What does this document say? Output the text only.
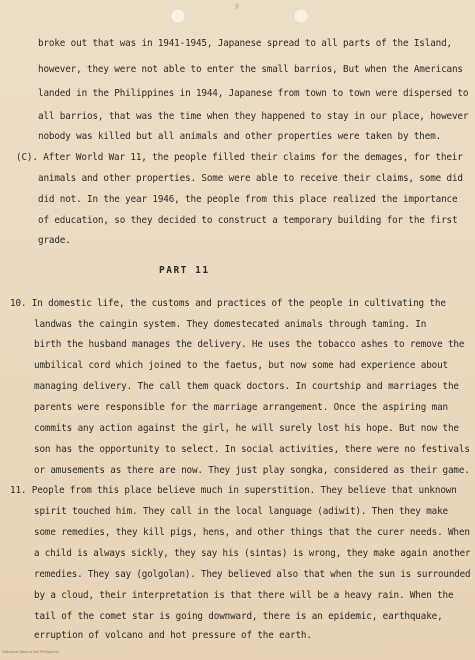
broke out that was in 1941-1945, Japanese spread to all parts of the Island,
however, they were not able to enter the small barrios, But when the Americans
landed in the Philippines in 1944, Japanese from town to town were dispersed to
all barrios, that was the time when they happened to stay in our place, however
nobody was killed but all animals and other properties were taken by them.
(C). After World War 11, the people filled their claims for the demages, for their
animals and other properties. Some were able to receive their claims, some did
did not. In the year 1946, the people from this place realized the importance
of education, so they decided to construct a temporary building for the first
grade.
PART 11
10. In domestic life, the customs and practices of the people in cultivating the
landwas the caingin system. They domestecated animals through taming. In
birth the husband manages the delivery. He uses the tobacco ashes to remove the
umbilical cord which joined to the faetus, but now some had experience about
managing delivery. The call them quack doctors. In courtship and marriages the
parents were responsible for the marriage arrangement. Once the aspiring man
commits any action against the girl, he will surely lost his hope. But now the
son has the opportunity to select. In social activities, there were no festivals
or amusements as there are now. They just play songka, considered as their game.
11. People from this place believe much in superstition. They believe that unknown
spirit touched him. They call in the local language (adiwit). Then they make
some remedies, they kill pigs, hens, and other things that the curer needs. When
a child is always sickly, they say his (sintas) is wrong, they make again another
remedies. They say (golgolan). They believed also that when the sun is surrounded
by a cloud, their interpretation is that there will be a heavy rain. When the
tail of the comet star is going downward, there is an epidemic, earthquake,
erruption of volcano and hot pressure of the earth.
Historical Data of the Philippines
